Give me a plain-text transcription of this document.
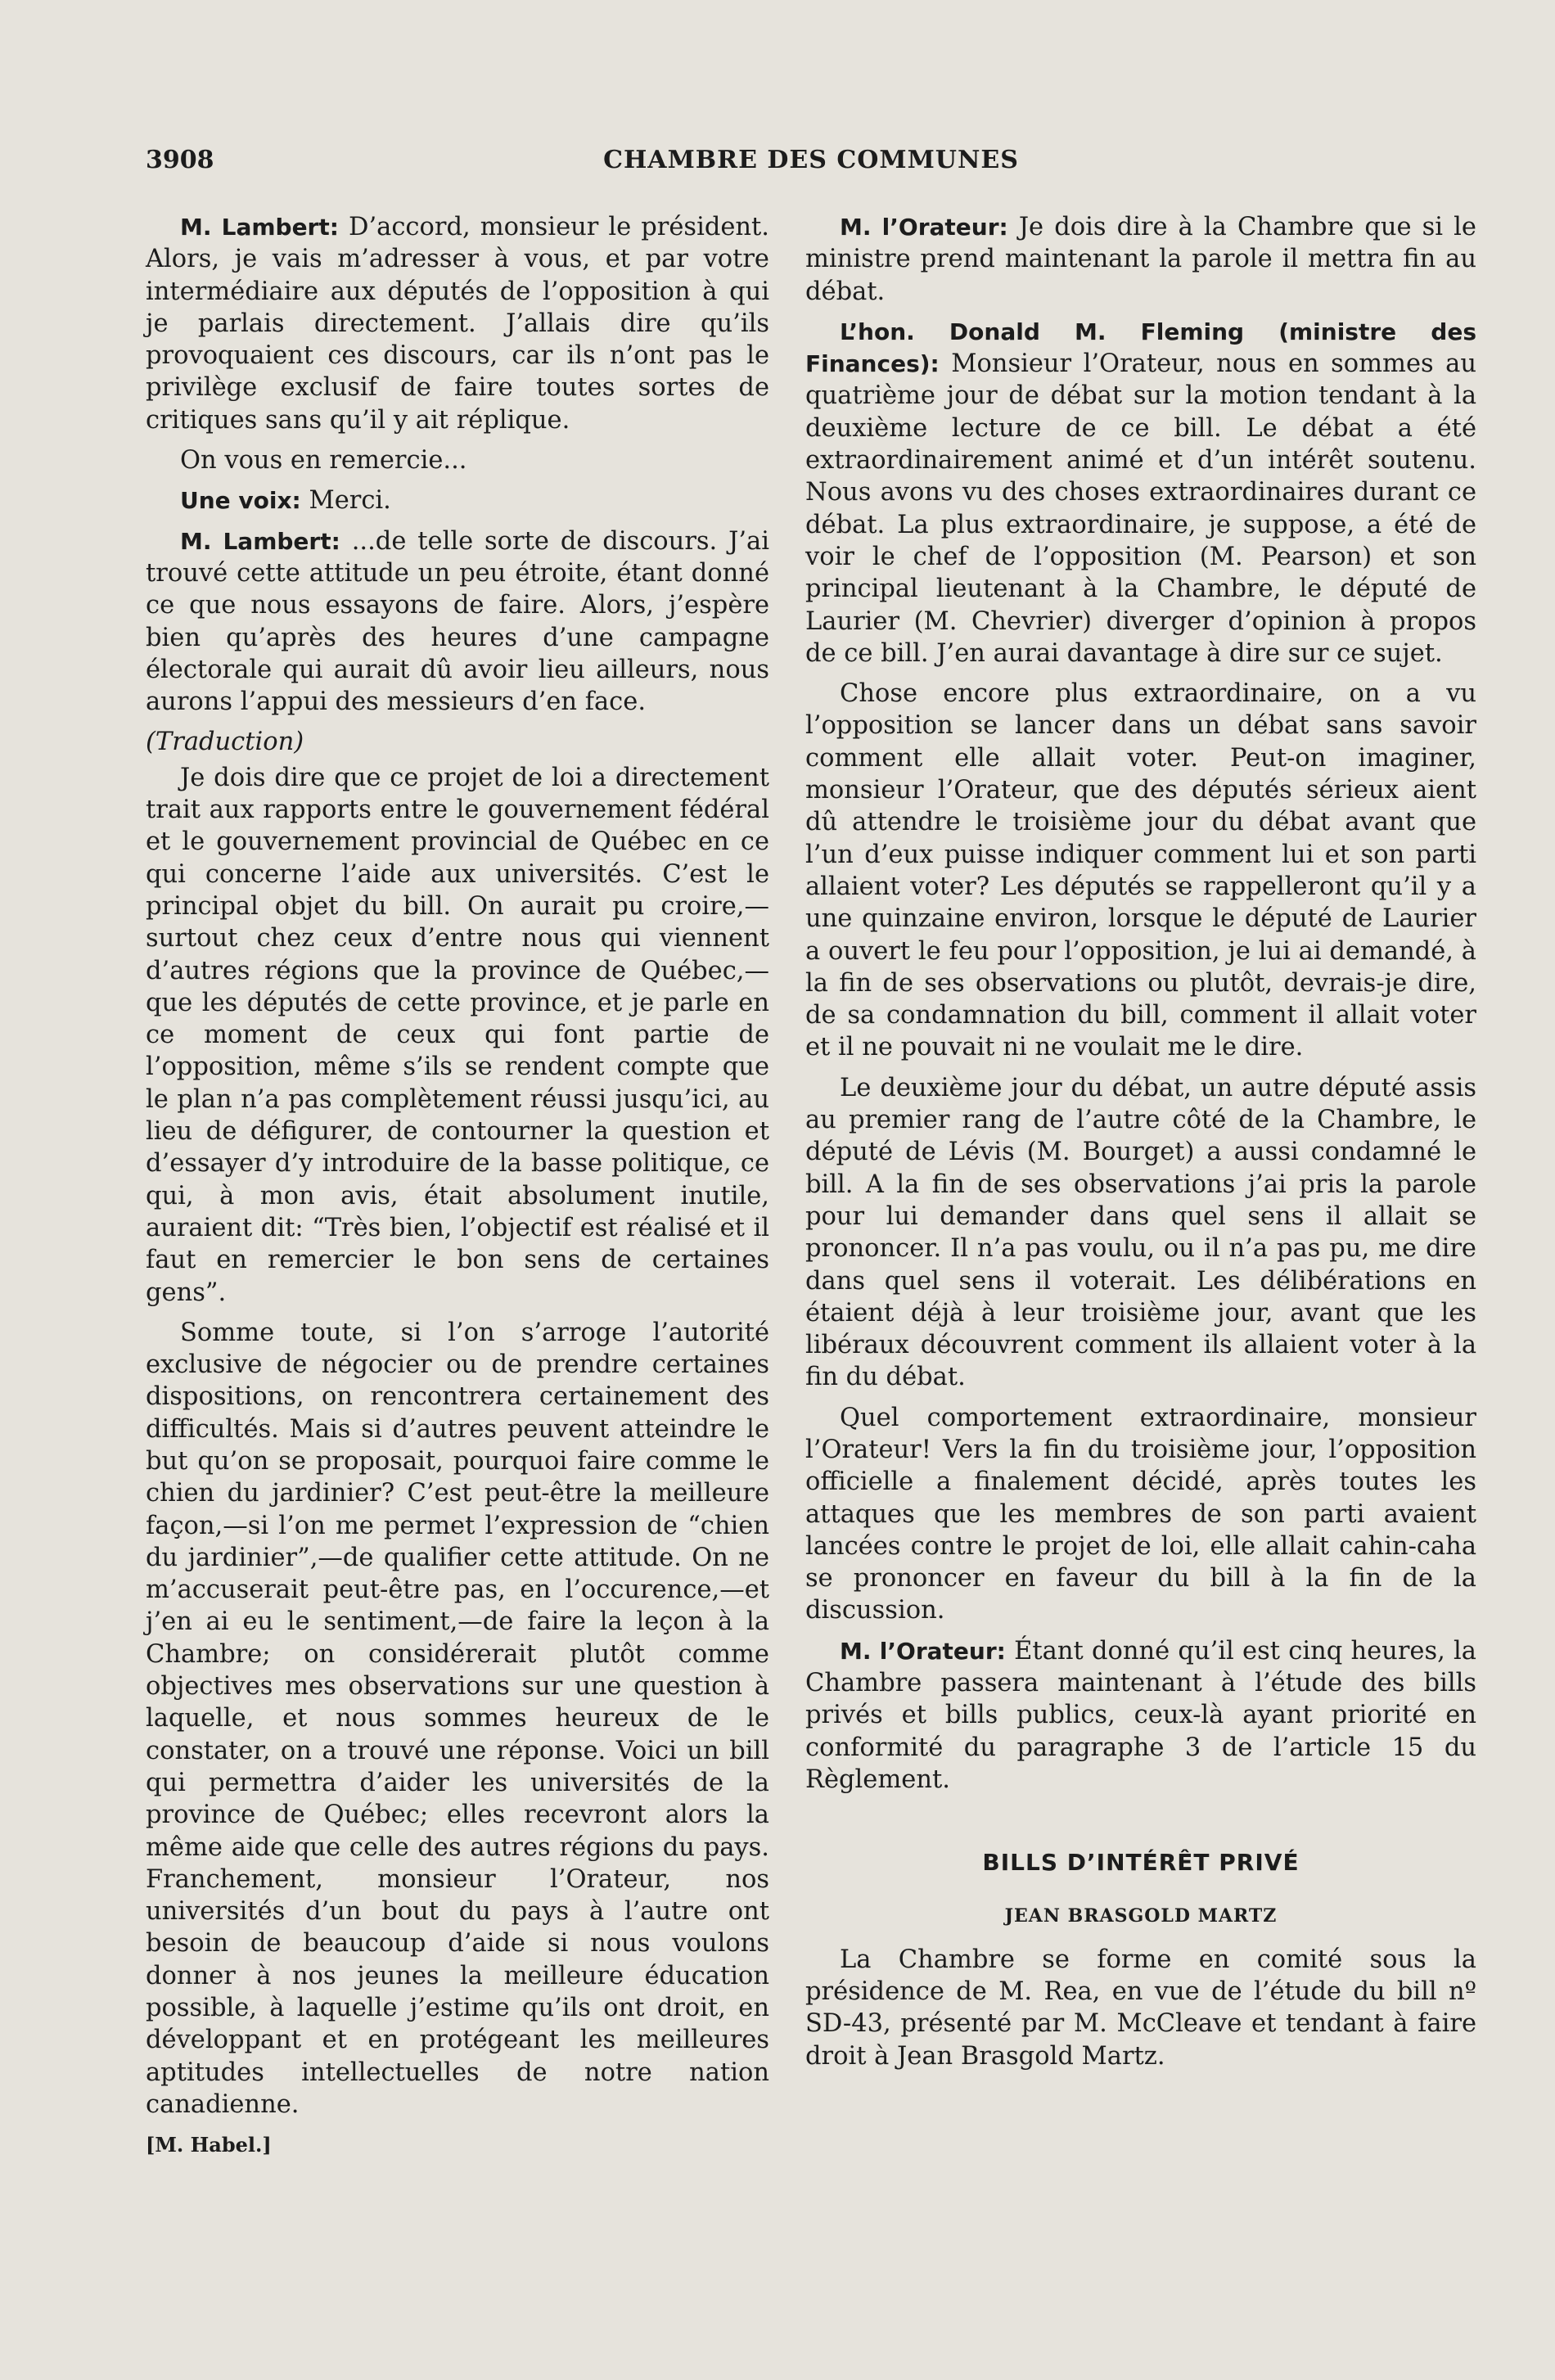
3908	CHAMBRE DES COMMUNES

M. Lambert: D’accord, monsieur le président. Alors, je vais m’adresser à vous, et par votre intermédiaire aux députés de l’opposition à qui je parlais directement. J’allais dire qu’ils provoquaient ces discours, car ils n’ont pas le privilège exclusif de faire toutes sortes de critiques sans qu’il y ait réplique.

On vous en remercie...

Une voix: Merci.

M. Lambert: ...de telle sorte de discours. J’ai trouvé cette attitude un peu étroite, étant donné ce que nous essayons de faire. Alors, j’espère bien qu’après des heures d’une campagne électorale qui aurait dû avoir lieu ailleurs, nous aurons l’appui des messieurs d’en face.

(Traduction)

Je dois dire que ce projet de loi a directement trait aux rapports entre le gouvernement fédéral et le gouvernement provincial de Québec en ce qui concerne l’aide aux universités. C’est le principal objet du bill. On aurait pu croire,—surtout chez ceux d’entre nous qui viennent d’autres régions que la province de Québec,—que les députés de cette province, et je parle en ce moment de ceux qui font partie de l’opposition, même s’ils se rendent compte que le plan n’a pas complètement réussi jusqu’ici, au lieu de défigurer, de contourner la question et d’essayer d’y introduire de la basse politique, ce qui, à mon avis, était absolument inutile, auraient dit: “Très bien, l’objectif est réalisé et il faut en remercier le bon sens de certaines gens”.

Somme toute, si l’on s’arroge l’autorité exclusive de négocier ou de prendre certaines dispositions, on rencontrera certainement des difficultés. Mais si d’autres peuvent atteindre le but qu’on se proposait, pourquoi faire comme le chien du jardinier? C’est peut-être la meilleure façon,—si l’on me permet l’expression de “chien du jardinier”,—de qualifier cette attitude. On ne m’accuserait peut-être pas, en l’occurence,—et j’en ai eu le sentiment,—de faire la leçon à la Chambre; on considérerait plutôt comme objectives mes observations sur une question à laquelle, et nous sommes heureux de le constater, on a trouvé une réponse. Voici un bill qui permettra d’aider les universités de la province de Québec; elles recevront alors la même aide que celle des autres régions du pays. Franchement, monsieur l’Orateur, nos universités d’un bout du pays à l’autre ont besoin de beaucoup d’aide si nous voulons donner à nos jeunes la meilleure éducation possible, à laquelle j’estime qu’ils ont droit, en développant et en protégeant les meilleures aptitudes intellectuelles de notre nation canadienne.

[M. Habel.]

M. l’Orateur: Je dois dire à la Chambre que si le ministre prend maintenant la parole il mettra fin au débat.

L’hon. Donald M. Fleming (ministre des Finances): Monsieur l’Orateur, nous en sommes au quatrième jour de débat sur la motion tendant à la deuxième lecture de ce bill. Le débat a été extraordinairement animé et d’un intérêt soutenu. Nous avons vu des choses extraordinaires durant ce débat. La plus extraordinaire, je suppose, a été de voir le chef de l’opposition (M. Pearson) et son principal lieutenant à la Chambre, le député de Laurier (M. Chevrier) diverger d’opinion à propos de ce bill. J’en aurai davantage à dire sur ce sujet.

Chose encore plus extraordinaire, on a vu l’opposition se lancer dans un débat sans savoir comment elle allait voter. Peut-on imaginer, monsieur l’Orateur, que des députés sérieux aient dû attendre le troisième jour du débat avant que l’un d’eux puisse indiquer comment lui et son parti allaient voter? Les députés se rappelleront qu’il y a une quinzaine environ, lorsque le député de Laurier a ouvert le feu pour l’opposition, je lui ai demandé, à la fin de ses observations ou plutôt, devrais-je dire, de sa condamnation du bill, comment il allait voter et il ne pouvait ni ne voulait me le dire.

Le deuxième jour du débat, un autre député assis au premier rang de l’autre côté de la Chambre, le député de Lévis (M. Bourget) a aussi condamné le bill. A la fin de ses observations j’ai pris la parole pour lui demander dans quel sens il allait se prononcer. Il n’a pas voulu, ou il n’a pas pu, me dire dans quel sens il voterait. Les délibérations en étaient déjà à leur troisième jour, avant que les libéraux découvrent comment ils allaient voter à la fin du débat.

Quel comportement extraordinaire, monsieur l’Orateur! Vers la fin du troisième jour, l’opposition officielle a finalement décidé, après toutes les attaques que les membres de son parti avaient lancées contre le projet de loi, elle allait cahin-caha se prononcer en faveur du bill à la fin de la discussion.

M. l’Orateur: Étant donné qu’il est cinq heures, la Chambre passera maintenant à l’étude des bills privés et bills publics, ceux-là ayant priorité en conformité du paragraphe 3 de l’article 15 du Règlement.

BILLS D’INTÉRÊT PRIVÉ
JEAN BRASGOLD MARTZ

La Chambre se forme en comité sous la présidence de M. Rea, en vue de l’étude du bill nº SD-43, présenté par M. McCleave et tendant à faire droit à Jean Brasgold Martz.
